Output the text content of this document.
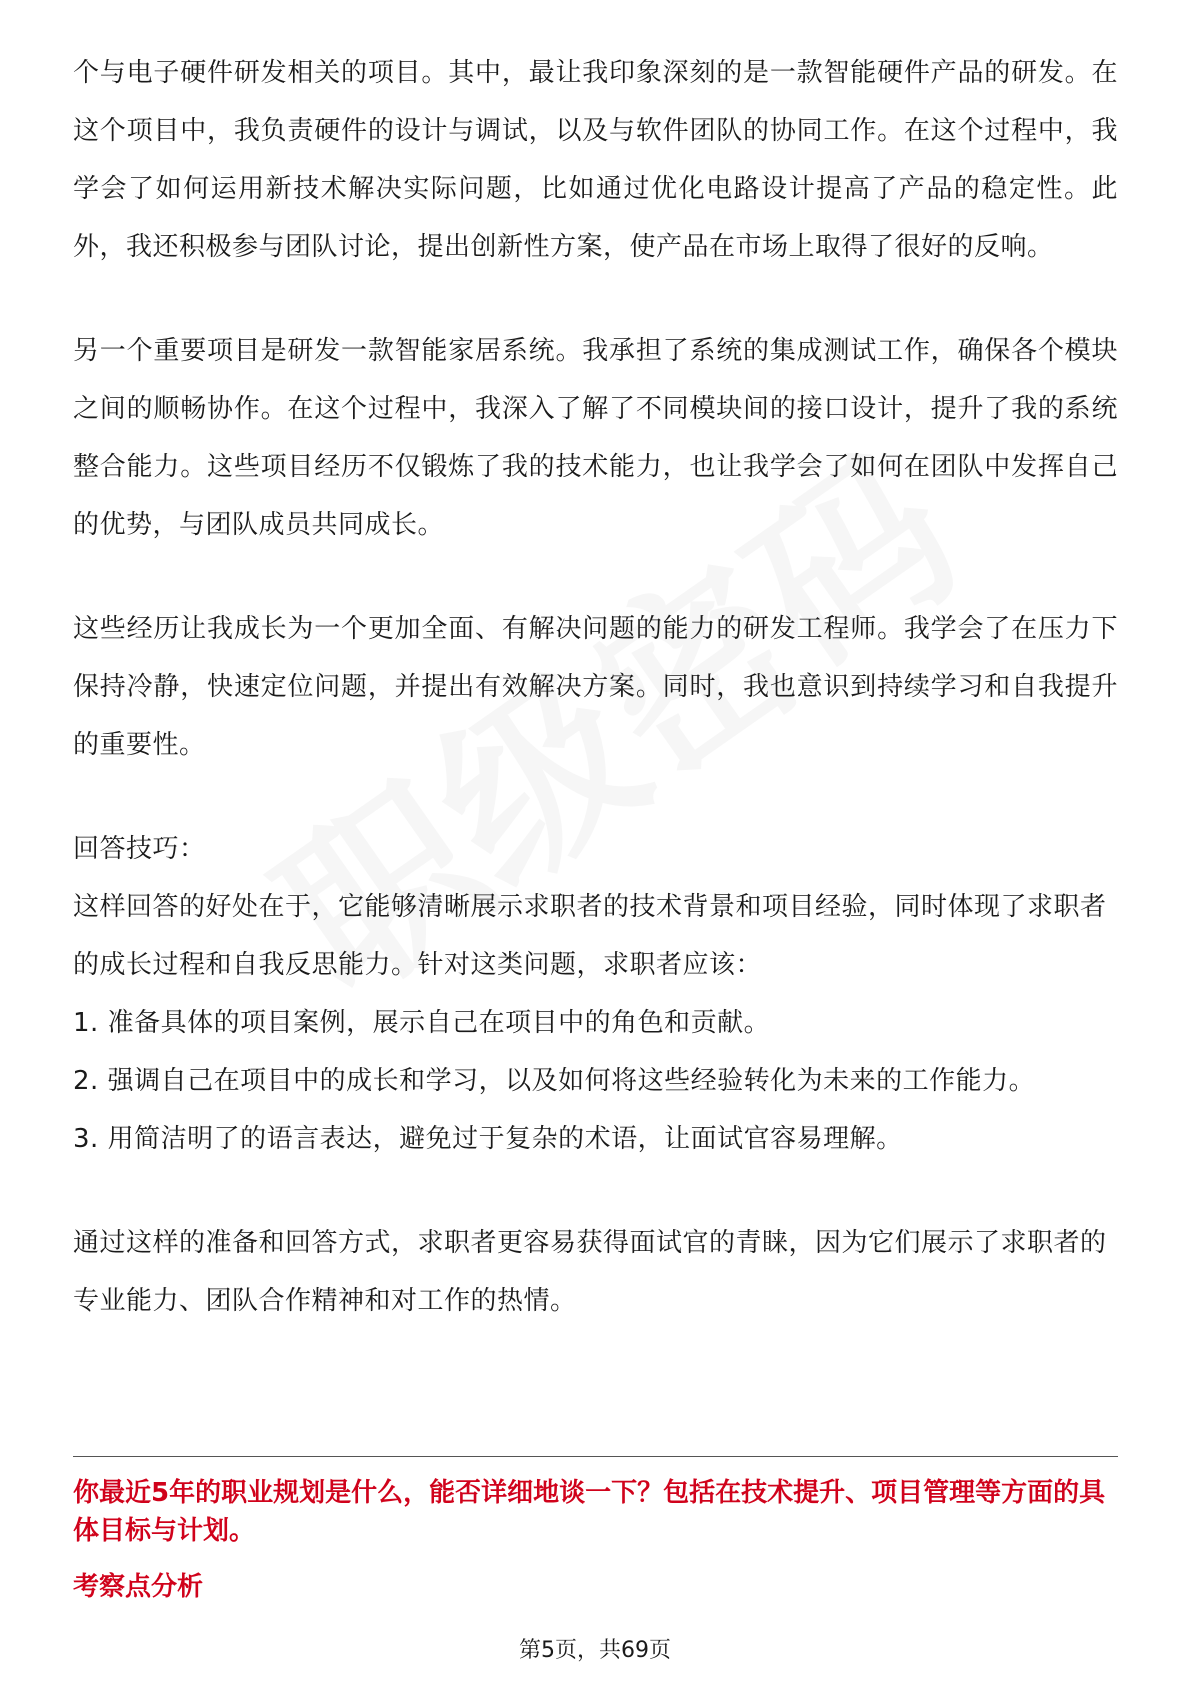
个与电子硬件研发相关的项目。其中，最让我印象深刻的是一款智能硬件产品的研发。在这个项目中，我负责硬件的设计与调试，以及与软件团队的协同工作。在这个过程中，我学会了如何运用新技术解决实际问题，比如通过优化电路设计提高了产品的稳定性。此外，我还积极参与团队讨论，提出创新性方案，使产品在市场上取得了很好的反响。

另一个重要项目是研发一款智能家居系统。我承担了系统的集成测试工作，确保各个模块之间的顺畅协作。在这个过程中，我深入了解了不同模块间的接口设计，提升了我的系统整合能力。这些项目经历不仅锻炼了我的技术能力，也让我学会了如何在团队中发挥自己的优势，与团队成员共同成长。

这些经历让我成长为一个更加全面、有解决问题的能力的研发工程师。我学会了在压力下保持冷静，快速定位问题，并提出有效解决方案。同时，我也意识到持续学习和自我提升的重要性。

回答技巧：
这样回答的好处在于，它能够清晰展示求职者的技术背景和项目经验，同时体现了求职者的成长过程和自我反思能力。针对这类问题，求职者应该：
1. 准备具体的项目案例，展示自己在项目中的角色和贡献。
2. 强调自己在项目中的成长和学习，以及如何将这些经验转化为未来的工作能力。
3. 用简洁明了的语言表达，避免过于复杂的术语，让面试官容易理解。

通过这样的准备和回答方式，求职者更容易获得面试官的青睐，因为它们展示了求职者的专业能力、团队合作精神和对工作的热情。

你最近5年的职业规划是什么，能否详细地谈一下？包括在技术提升、项目管理等方面的具体目标与计划。
考察点分析
第5页，共69页
